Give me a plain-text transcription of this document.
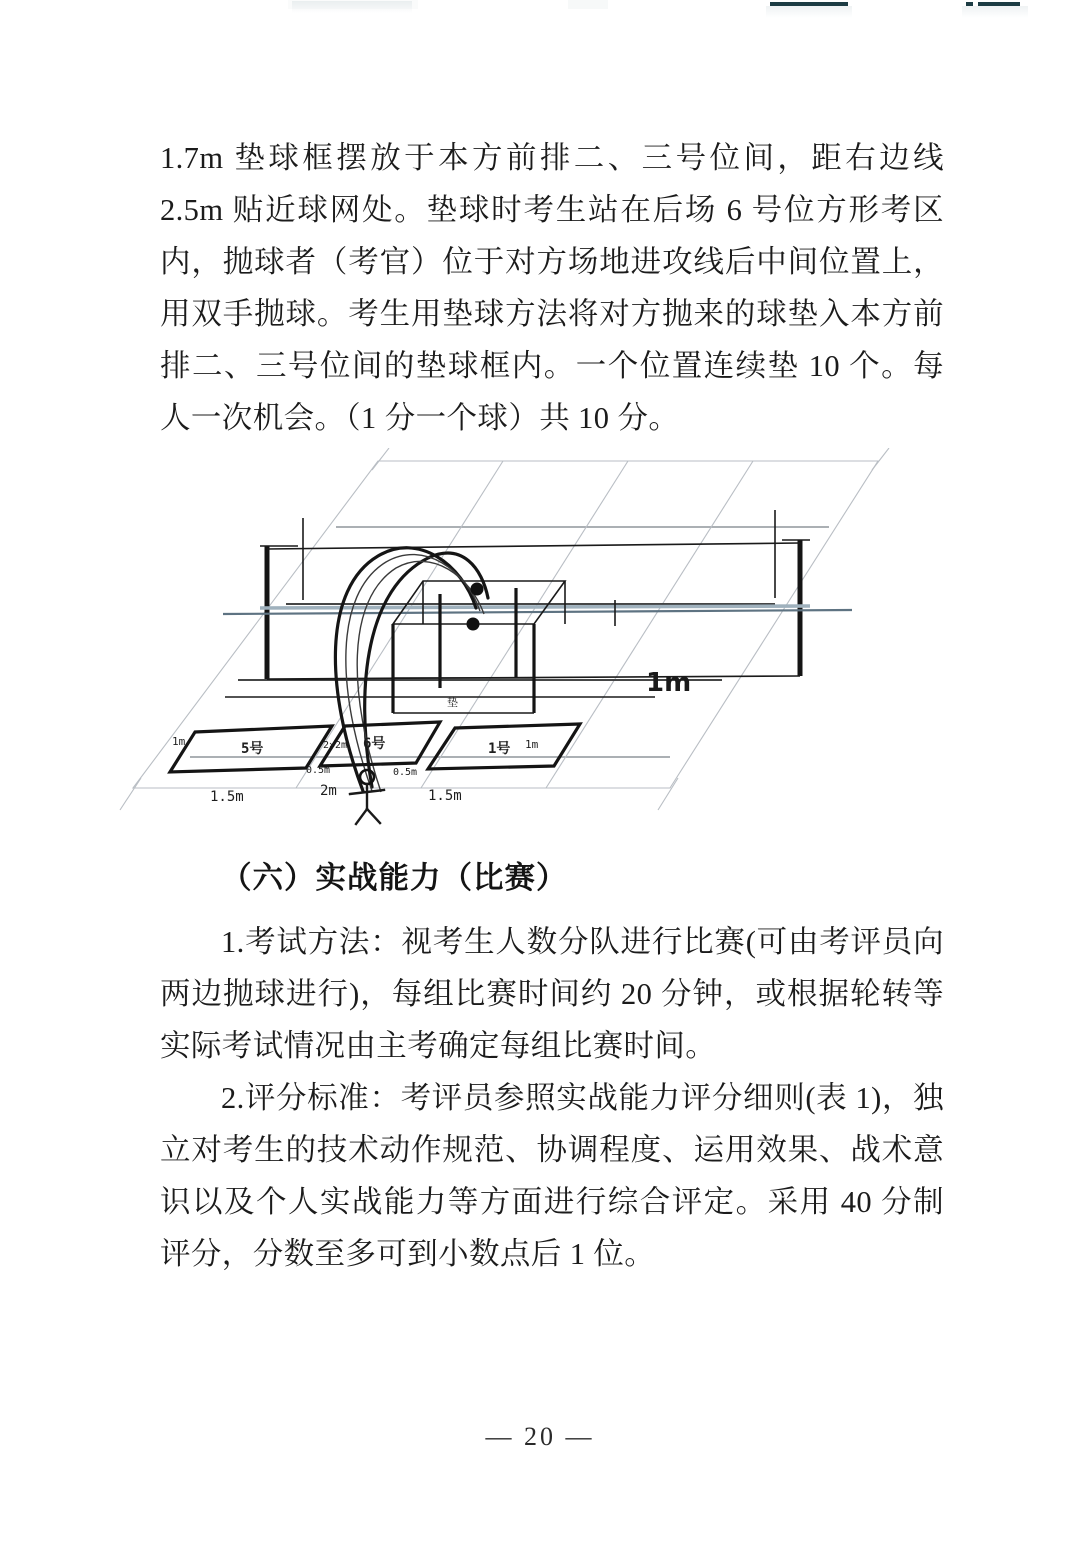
1.7m 垫球框摆放于本方前排二、三号位间，距右边线 2.5m 贴近球网处。垫球时考生站在后场 6 号位方形考区内，抛球者（考官）位于对方场地进攻线后中间位置上，用双手抛球。考生用垫球方法将对方抛来的球垫入本方前排二、三号位间的垫球框内。一个位置连续垫 10 个。每人一次机会。（1 分一个球）共 10 分。
垫
5号	6号	1号
1m
0.5m
2×2m
0.5m
1m
1.5m	2m	1.5m
1m
（六）实战能力（比赛）
1.考试方法：视考生人数分队进行比赛(可由考评员向两边抛球进行)，每组比赛时间约 20 分钟，或根据轮转等实际考试情况由主考确定每组比赛时间。
2.评分标准：考评员参照实战能力评分细则(表 1)，独立对考生的技术动作规范、协调程度、运用效果、战术意识以及个人实战能力等方面进行综合评定。采用 40 分制评分，分数至多可到小数点后 1 位。
— 20 —
